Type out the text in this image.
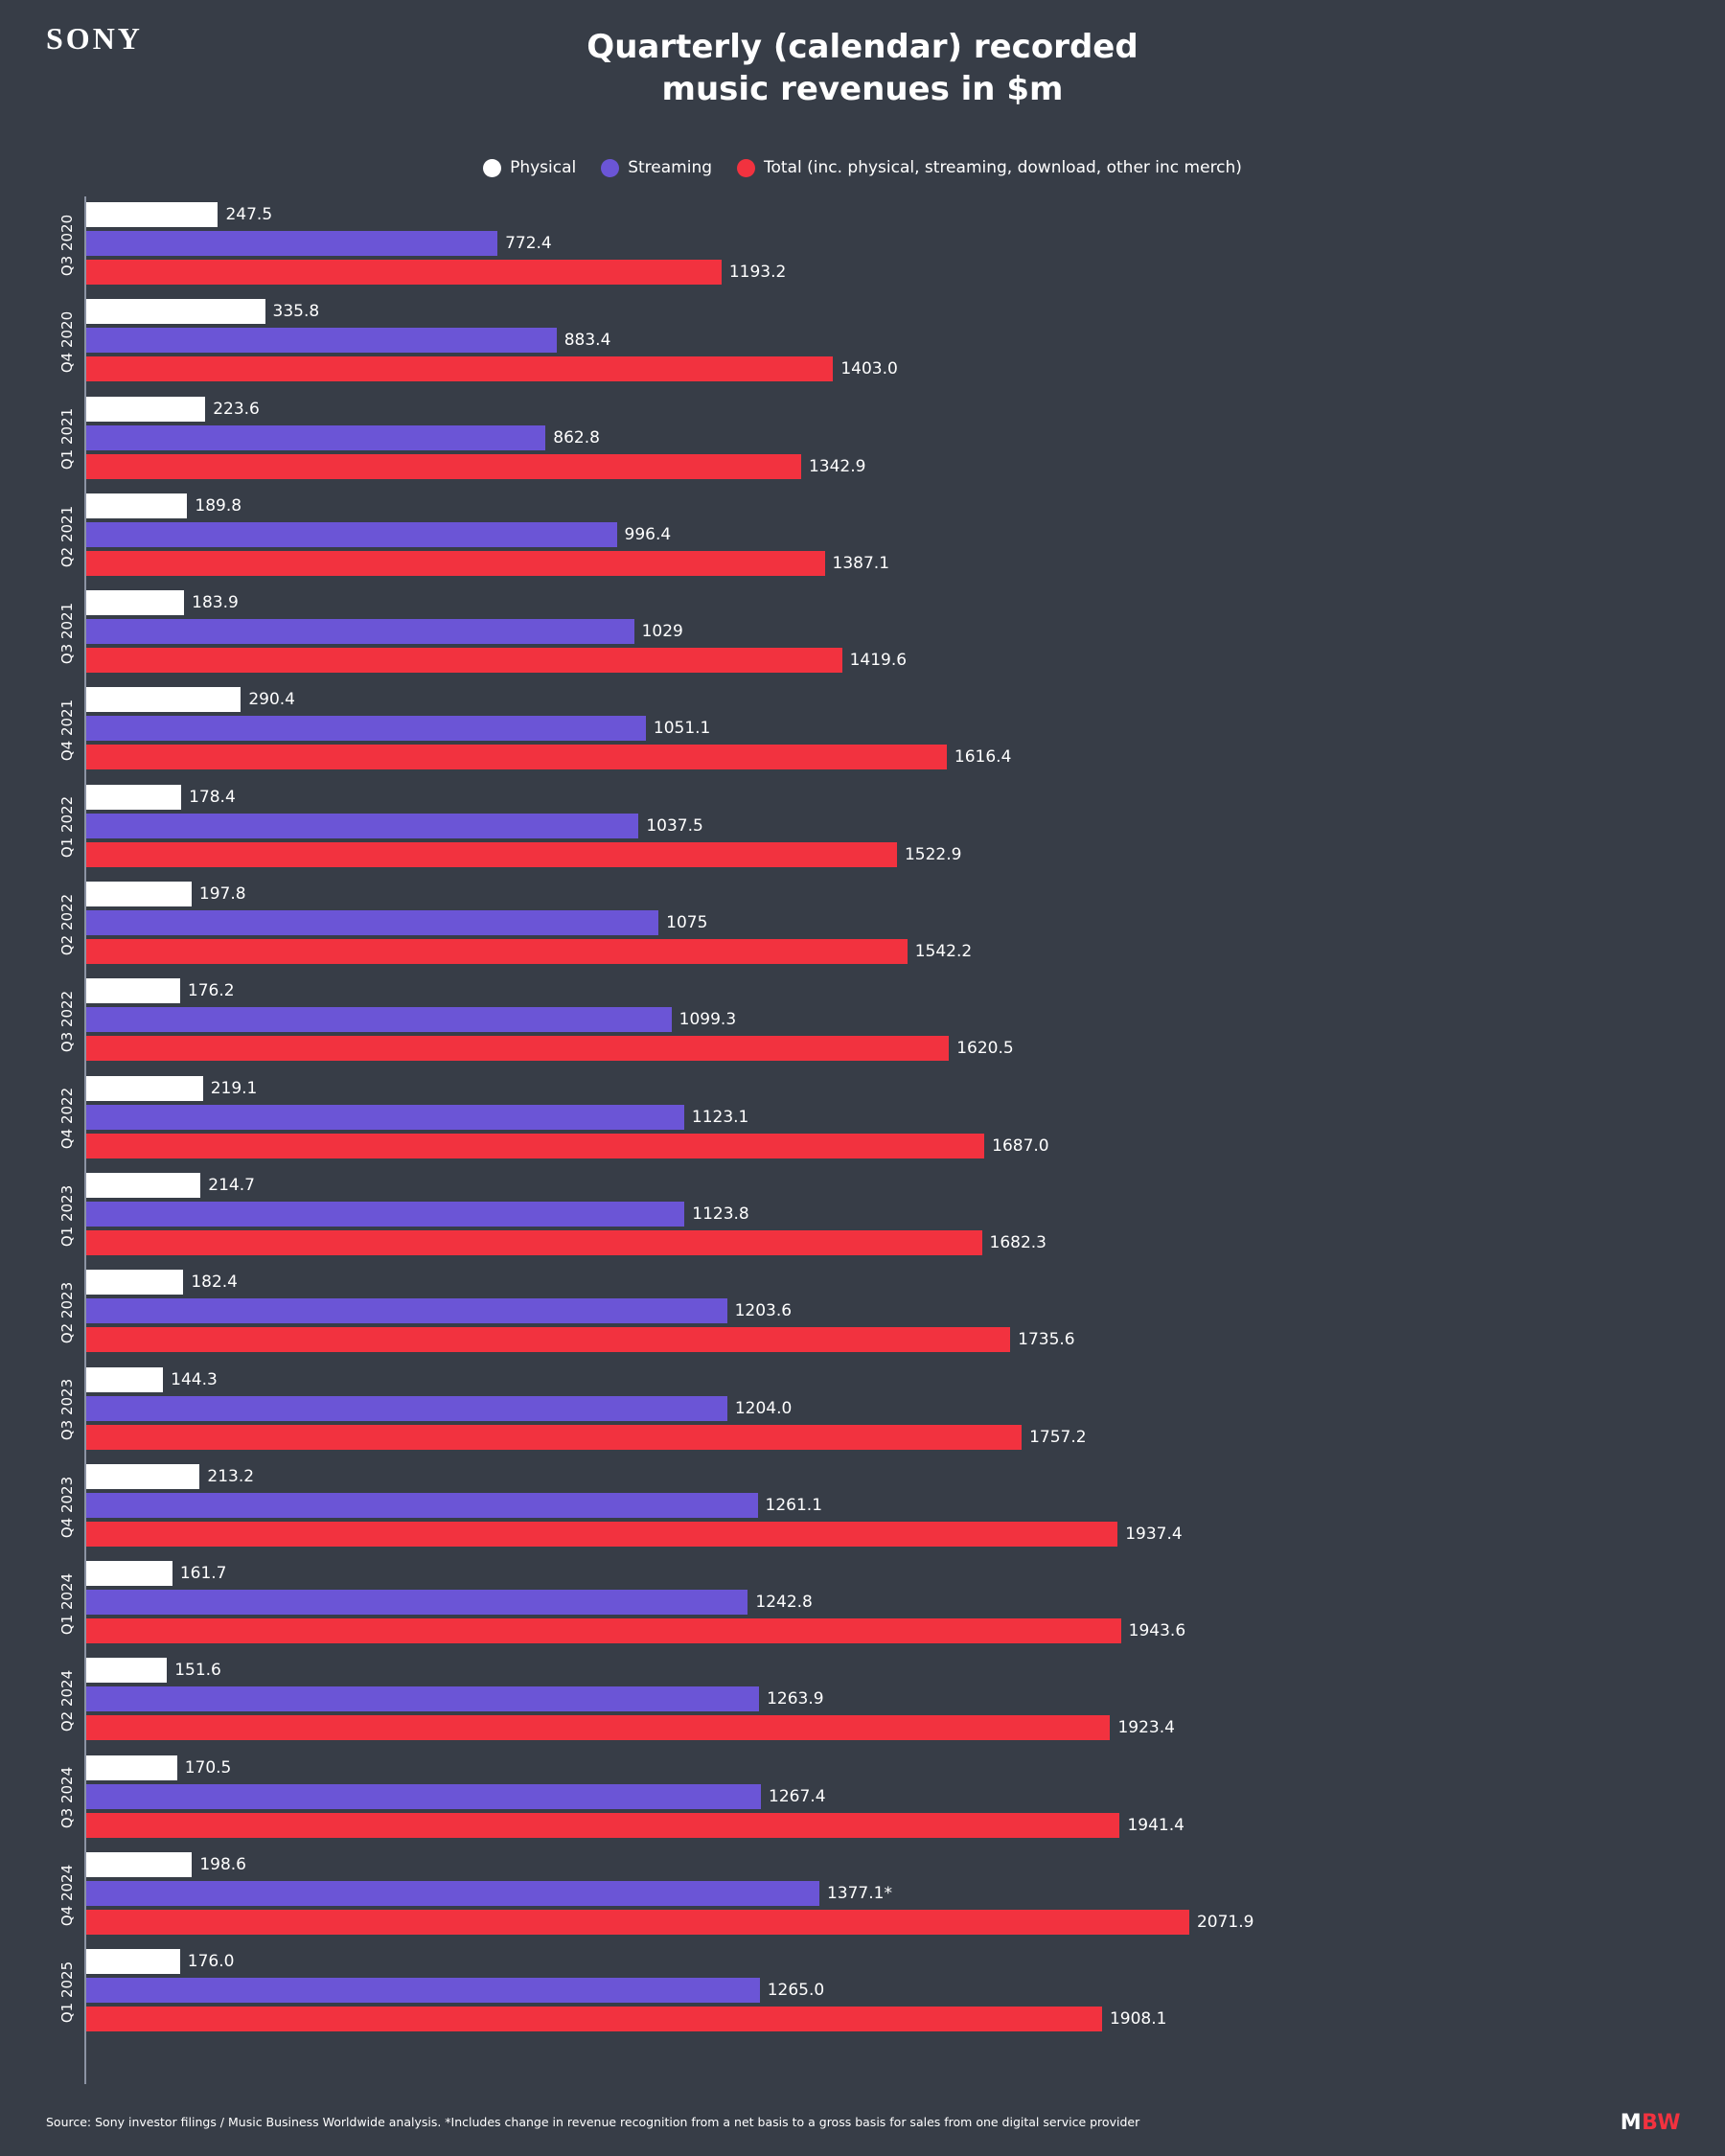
SONY	Quarterly (calendar) recorded
music revenues in $m
Physical	Streaming	Total (inc. physical, streaming, download, other inc merch)
Q3 2020	247.5
772.4
1193.2
Q4 2020	335.8
883.4
1403.0
Q1 2021	223.6
862.8
1342.9
Q2 2021	189.8
996.4
1387.1
Q3 2021	183.9
1029
1419.6
Q4 2021	290.4
1051.1
1616.4
Q1 2022	178.4
1037.5
1522.9
Q2 2022	197.8
1075
1542.2
Q3 2022	176.2
1099.3
1620.5
Q4 2022	219.1
1123.1
1687.0
Q1 2023	214.7
1123.8
1682.3
Q2 2023	182.4
1203.6
1735.6
Q3 2023	144.3
1204.0
1757.2
Q4 2023	213.2
1261.1
1937.4
Q1 2024	161.7
1242.8
1943.6
Q2 2024	151.6
1263.9
1923.4
Q3 2024	170.5
1267.4
1941.4
Q4 2024	198.6
1377.1*
2071.9
Q1 2025	176.0
1265.0
1908.1
Source: Sony investor filings / Music Business Worldwide analysis. *Includes change in revenue recognition from a net basis to a gross basis for sales from one digital service provider	MBW
